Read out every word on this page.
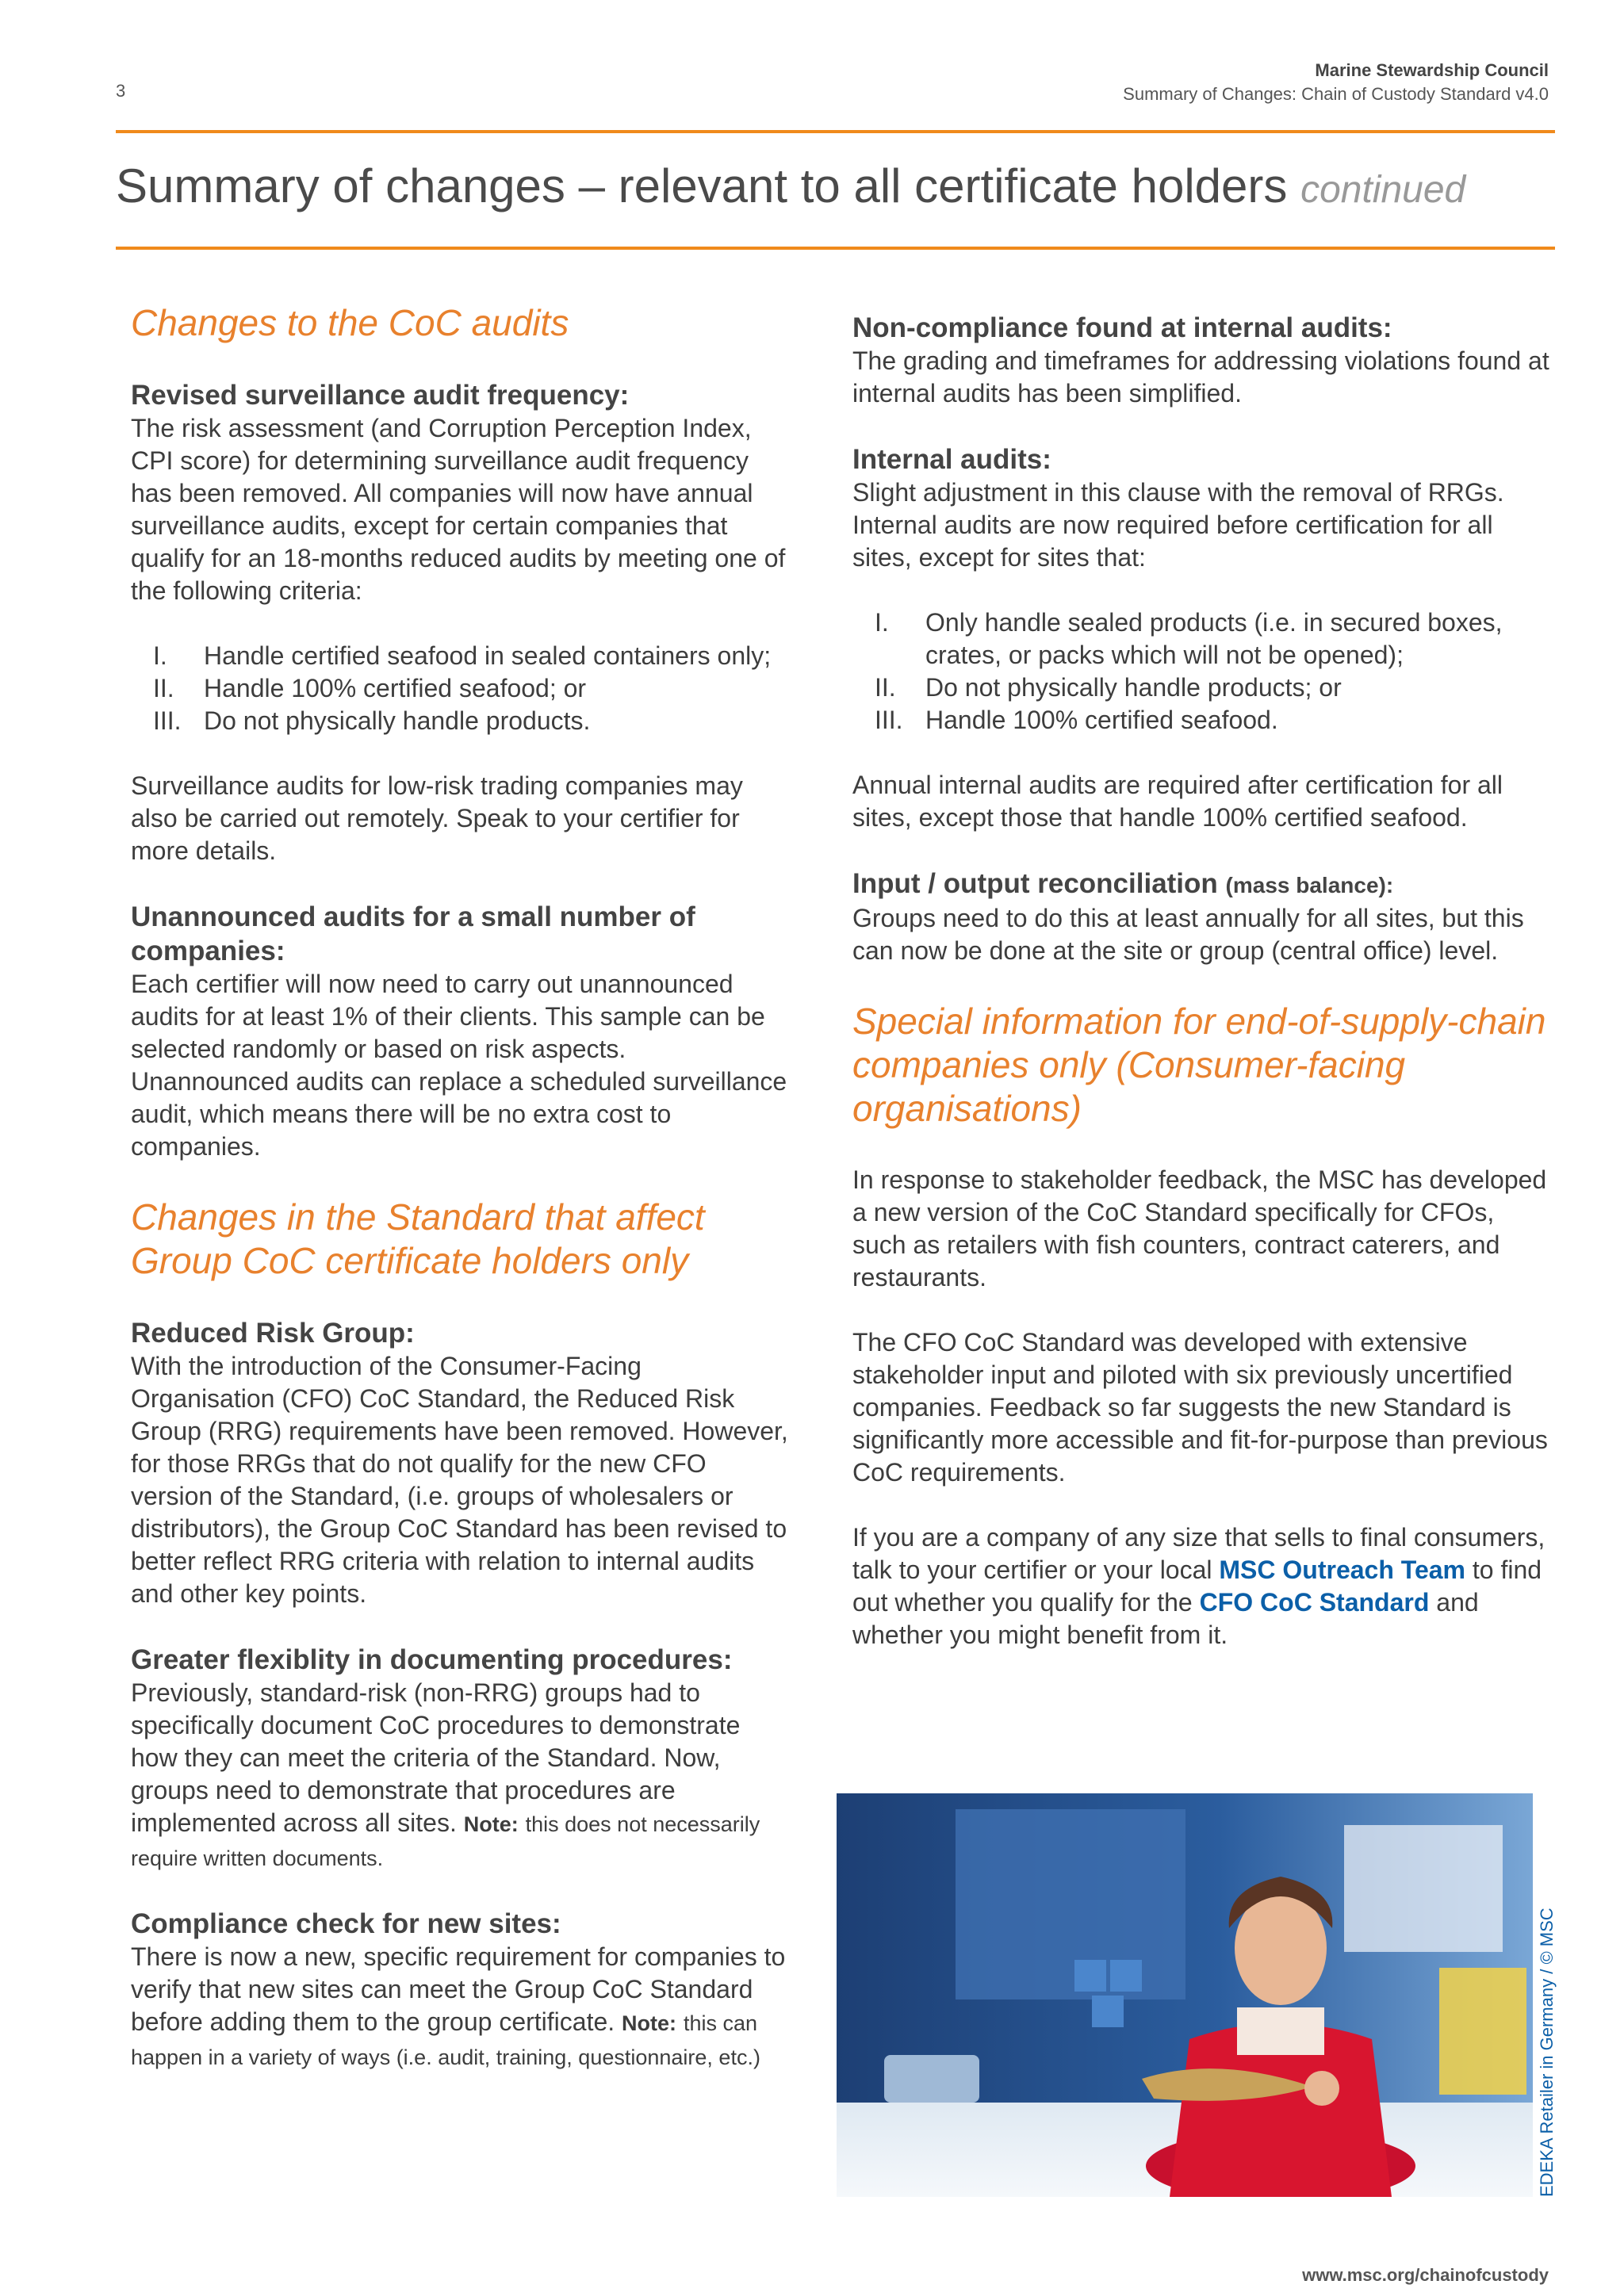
3
Marine Stewardship Council
Summary of Changes: Chain of Custody Standard v4.0
Summary of changes – relevant to all certificate holders continued
Changes to the CoC audits
Revised surveillance audit frequency:

The risk assessment (and Corruption Perception Index, CPI score) for determining surveillance audit frequency has been removed. All companies will now have annual surveillance audits, except for certain companies that qualify for an 18-months reduced audits by meeting one of the following criteria:

I.	Handle certified seafood in sealed containers only;
II.	Handle 100% certified seafood; or
III. Do not physically handle products.

Surveillance audits for low-risk trading companies may also be carried out remotely. Speak to your certifier for more details.

Unannounced audits for a small number of companies:

Each certifier will now need to carry out unannounced audits for at least 1% of their clients. This sample can be selected randomly or based on risk aspects. Unannounced audits can replace a scheduled surveillance audit, which means there will be no extra cost to companies.

Changes in the Standard that affect Group CoC certificate holders only
Reduced Risk Group:

With the introduction of the Consumer-Facing Organisation (CFO) CoC Standard, the Reduced Risk Group (RRG) requirements have been removed. However, for those RRGs that do not qualify for the new CFO version of the Standard, (i.e. groups of wholesalers or distributors), the Group CoC Standard has been revised to better reflect RRG criteria with relation to internal audits and other key points.

Greater flexiblity in documenting procedures:

Previously, standard-risk (non-RRG) groups had to specifically document CoC procedures to demonstrate how they can meet the criteria of the Standard. Now, groups need to demonstrate that procedures are implemented across all sites. Note: this does not necessarily require written documents.

Compliance check for new sites:

There is now a new, specific requirement for companies to verify that new sites can meet the Group CoC Standard before adding them to the group certificate. Note: this can happen in a variety of ways (i.e. audit, training, questionnaire, etc.)

Non-compliance found at internal audits:

The grading and timeframes for addressing violations found at internal audits has been simplified.

Internal audits:

Slight adjustment in this clause with the removal of RRGs. Internal audits are now required before certification for all sites, except for sites that:

I.	Only handle sealed products (i.e. in secured boxes, crates, or packs which will not be opened);
II.	Do not physically handle products; or
III. Handle 100% certified seafood.

Annual internal audits are required after certification for all sites, except those that handle 100% certified seafood.

Input / output reconciliation (mass balance):

Groups need to do this at least annually for all sites, but this can now be done at the site or group (central office) level.

Special information for end-of-supply-chain companies only (Consumer-facing organisations)

In response to stakeholder feedback, the MSC has developed a new version of the CoC Standard specifically for CFOs, such as retailers with fish counters, contract caterers, and restaurants.

The CFO CoC Standard was developed with extensive stakeholder input and piloted with six previously uncertified companies. Feedback so far suggests the new Standard is significantly more accessible and fit-for-purpose than previous CoC requirements.

If you are a company of any size that sells to final consumers, talk to your certifier or your local MSC Outreach Team to find out whether you qualify for the CFO CoC Standard and whether you might benefit from it.

EDEKA Retailer in Germany / © MSC
www.msc.org/chainofcustody
